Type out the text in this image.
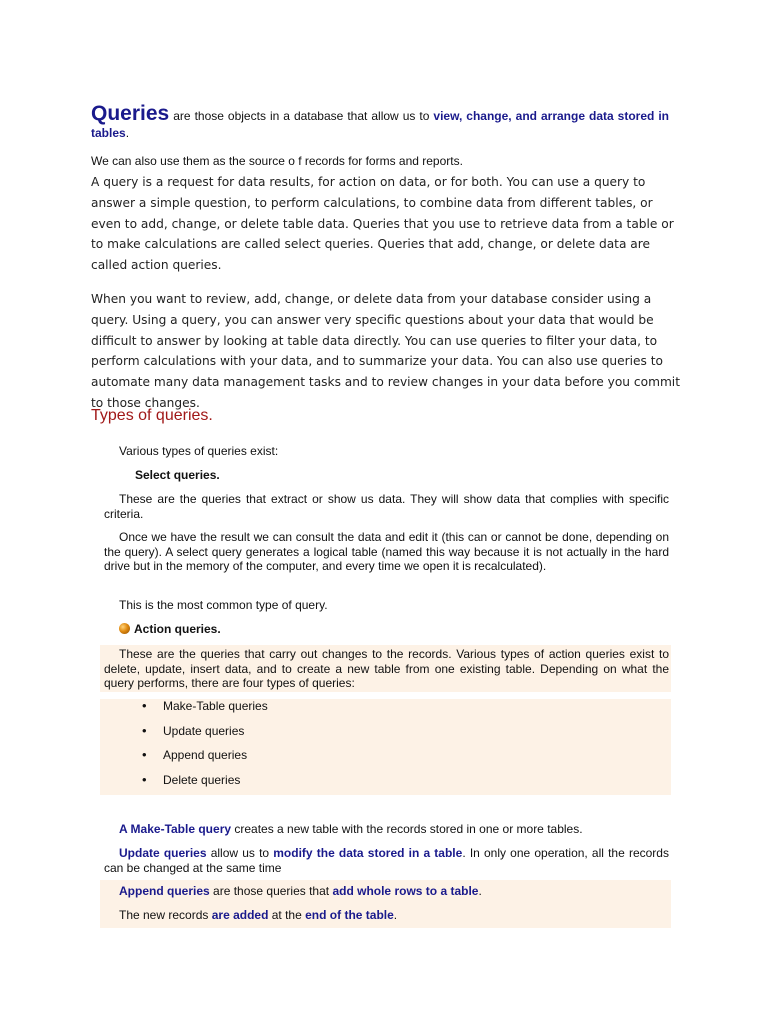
Queries are those objects in a database that allow us to view, change, and arrange data stored in tables.
We can also use them as the source o f records for forms and reports.
A query is a request for data results, for action on data, or for both. You can use a query to answer a simple question, to perform calculations, to combine data from different tables, or even to add, change, or delete table data. Queries that you use to retrieve data from a table or to make calculations are called select queries. Queries that add, change, or delete data are called action queries.
When you want to review, add, change, or delete data from your database consider using a query. Using a query, you can answer very specific questions about your data that would be difficult to answer by looking at table data directly. You can use queries to filter your data, to perform calculations with your data, and to summarize your data. You can also use queries to automate many data management tasks and to review changes in your data before you commit to those changes.
Types of queries.
Various types of queries exist:
Select queries.
These are the queries that extract or show us data. They will show data that complies with specific criteria.
Once we have the result we can consult the data and edit it (this can or cannot be done, depending on the query). A select query generates a logical table (named this way because it is not actually in the hard drive but in the memory of the computer, and every time we open it is recalculated).
This is the most common type of query.
Action queries.
These are the queries that carry out changes to the records. Various types of action queries exist to delete, update, insert data, and to create a new table from one existing table. Depending on what the query performs, there are four types of queries:
• Make-Table queries
• Update queries
• Append queries
• Delete queries
A Make-Table query creates a new table with the records stored in one or more tables.
Update queries allow us to modify the data stored in a table. In only one operation, all the records can be changed at the same time
Append queries are those queries that add whole rows to a table.
The new records are added at the end of the table.
